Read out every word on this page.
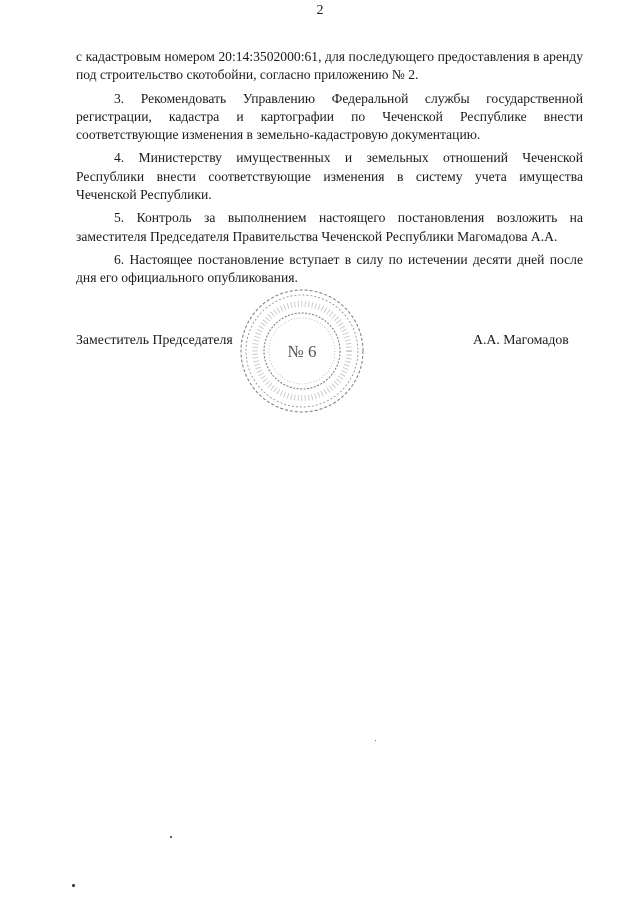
2

с кадастровым номером 20:14:3502000:61, для последующего предоставления в аренду под строительство скотобойни, согласно приложению № 2.

3. Рекомендовать Управлению Федеральной службы государственной регистрации, кадастра и картографии по Чеченской Республике внести соответствующие изменения в земельно-кадастровую документацию.

4. Министерству имущественных и земельных отношений Чеченской Республики внести соответствующие изменения в систему учета имущества Чеченской Республики.

5. Контроль за выполнением настоящего постановления возложить на заместителя Председателя Правительства Чеченской Республики Магомадова А.А.

6. Настоящее постановление вступает в силу по истечении десяти дней после дня его официального опубликования.

№ 6
Заместитель Председателя	А.А. Магомадов
